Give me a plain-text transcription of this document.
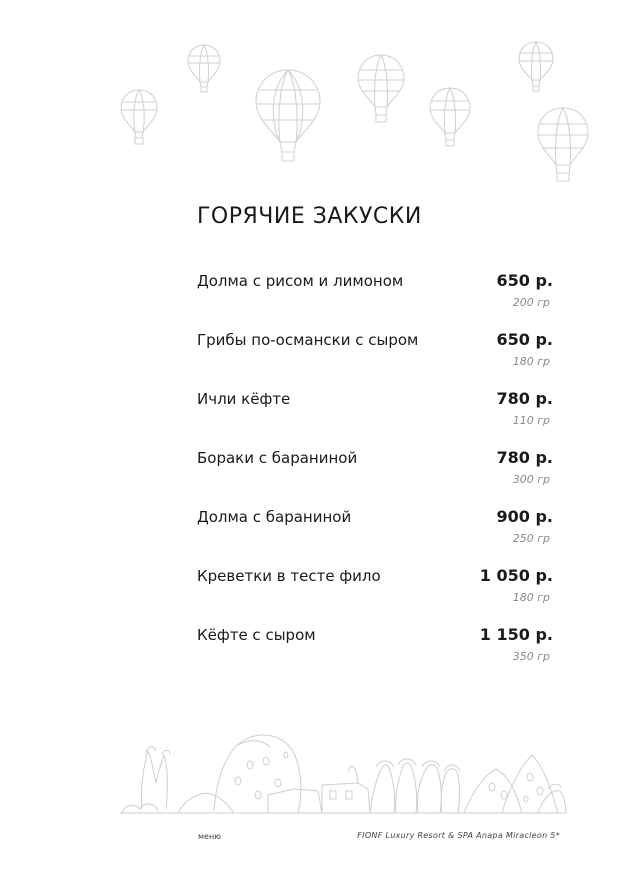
ГОРЯЧИЕ ЗАКУСКИ
Долма с рисом и лимоном	650 р.
200 гр
Грибы по-османски с сыром	650 р.
180 гр
Ичли кёфте	780 р.
110 гр
Бораки с бараниной	780 р.
300 гр
Долма с бараниной	900 р.
250 гр
Креветки в тесте фило	1 050 р.
180 гр
Кёфте с сыром	1 150 р.
350 гр
меню	FIONF Luxury Resort & SPA Anapa Miracleon 5*
